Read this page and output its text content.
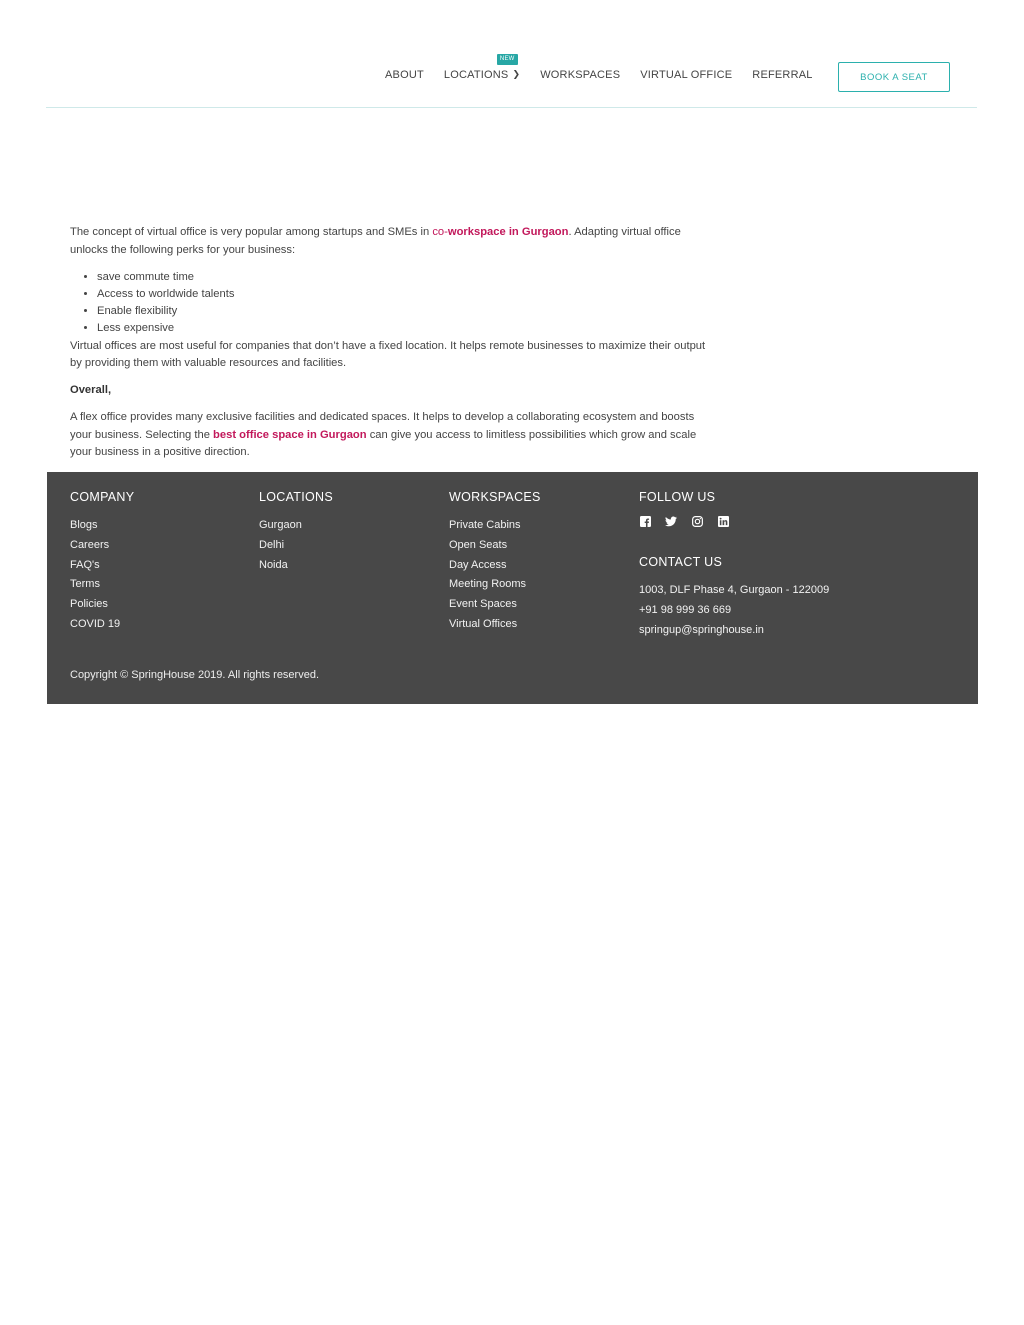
ABOUT LOCATIONS ❯
NEW
WORKSPACES VIRTUAL OFFICE REFERRAL	BOOK A SEAT

The concept of virtual office is very popular among startups and SMEs in co-workspace in Gurgaon. Adapting virtual office unlocks the following perks for your business:

• save commute time
• Access to worldwide talents
• Enable flexibility
• Less expensive

Virtual offices are most useful for companies that don’t have a fixed location. It helps remote businesses to maximize their output by providing them with valuable resources and facilities.

Overall,

A flex office provides many exclusive facilities and dedicated spaces. It helps to develop a collaborating ecosystem and boosts your business. Selecting the best office space in Gurgaon can give you access to limitless possibilities which grow and scale your business in a positive direction.

COMPANY
Blogs
Careers
FAQ's
Terms
Policies
COVID 19
LOCATIONS
Gurgaon
Delhi
Noida
WORKSPACES
Private Cabins
Open Seats
Day Access
Meeting Rooms
Event Spaces
Virtual Offices
FOLLOW US
CONTACT US
1003, DLF Phase 4, Gurgaon - 122009
+91 98 999 36 669
springup@springhouse.in
Copyright © SpringHouse 2019. All rights reserved.
